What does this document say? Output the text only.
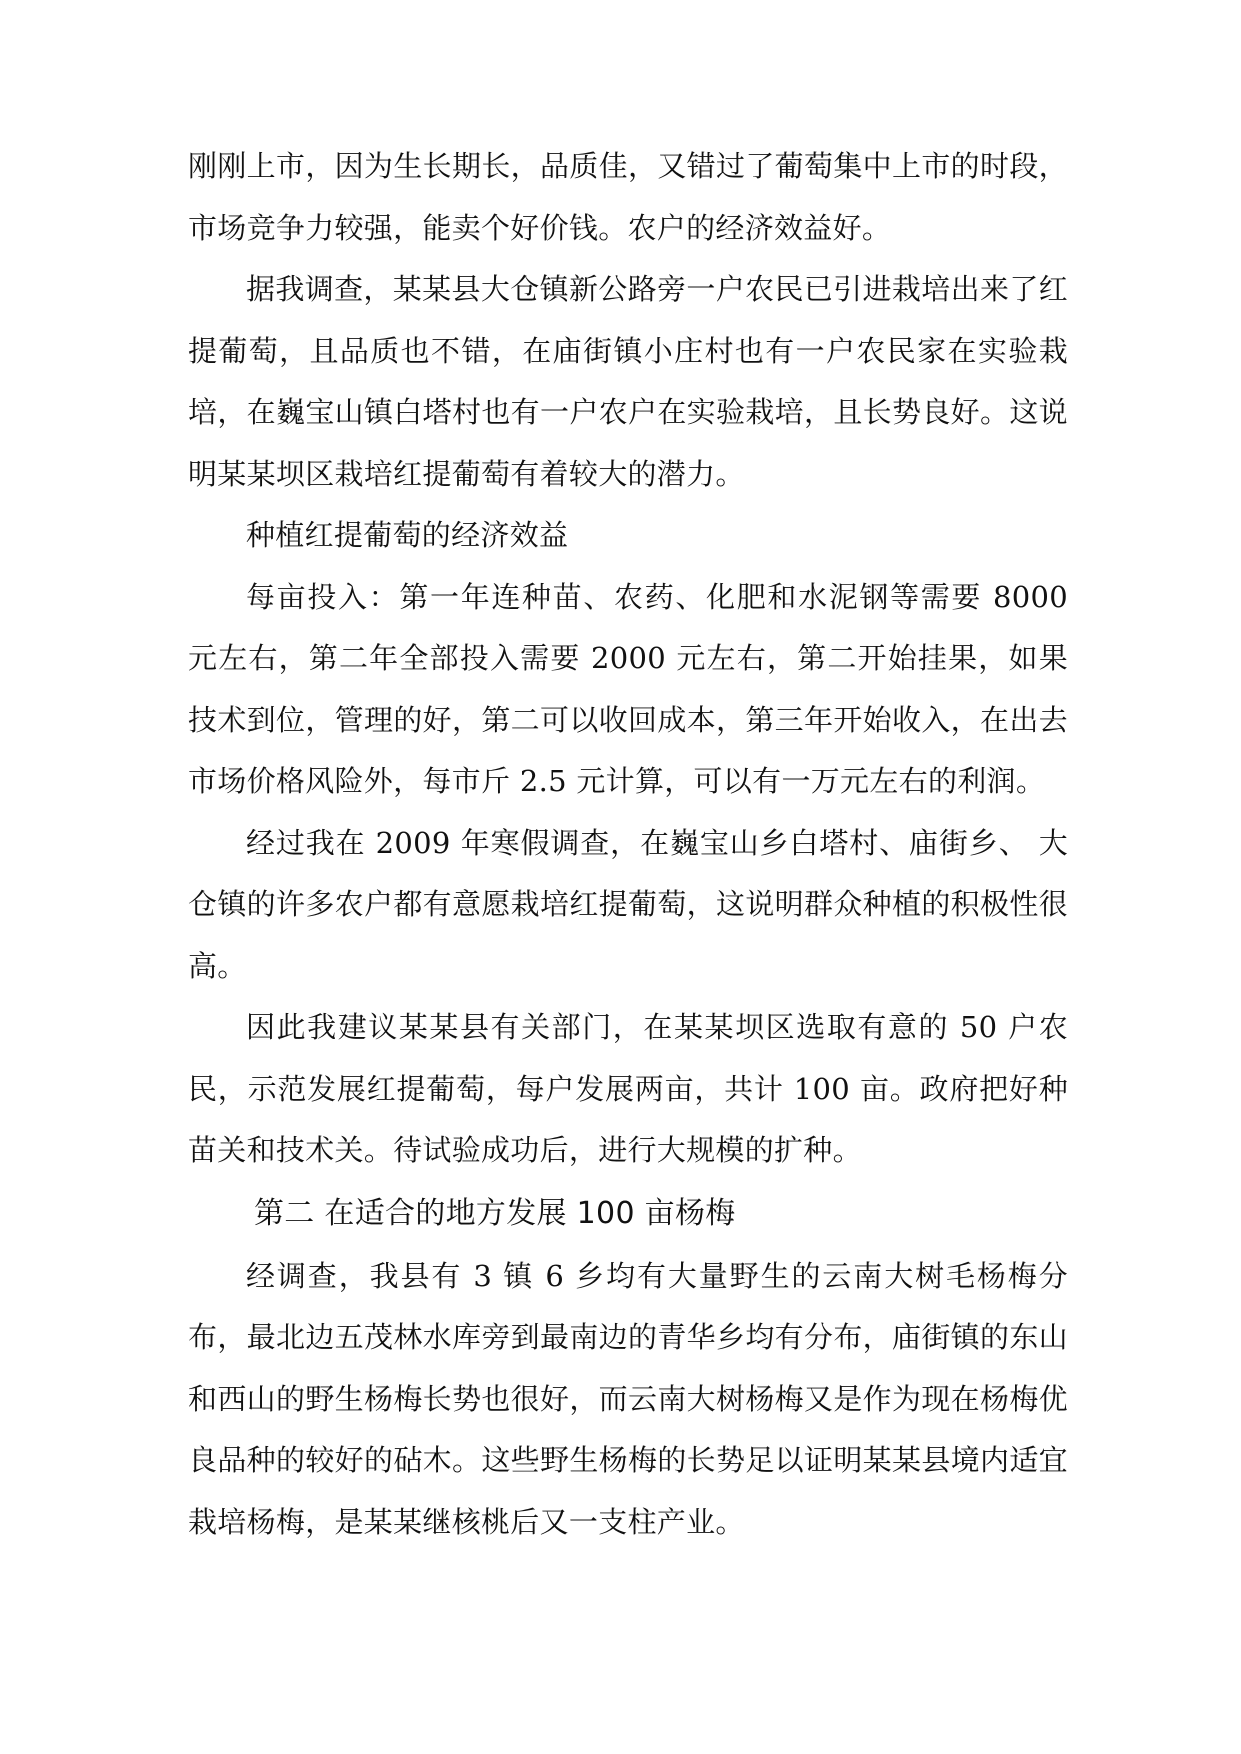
刚刚上市，因为生长期长，品质佳，又错过了葡萄集中上市的时段，市场竞争力较强，能卖个好价钱。农户的经济效益好。

据我调查，某某县大仓镇新公路旁一户农民已引进栽培出来了红提葡萄，且品质也不错，在庙街镇小庄村也有一户农民家在实验栽培，在巍宝山镇白塔村也有一户农户在实验栽培，且长势良好。这说明某某坝区栽培红提葡萄有着较大的潜力。

种植红提葡萄的经济效益

每亩投入：第一年连种苗、农药、化肥和水泥钢等需要 8000 元左右，第二年全部投入需要 2000 元左右，第二开始挂果，如果技术到位，管理的好，第二可以收回成本，第三年开始收入，在出去市场价格风险外，每市斤 2.5 元计算，可以有一万元左右的利润。

经过我在 2009 年寒假调查，在巍宝山乡白塔村、庙街乡、 大仓镇的许多农户都有意愿栽培红提葡萄，这说明群众种植的积极性很高。

因此我建议某某县有关部门，在某某坝区选取有意的 50 户农民，示范发展红提葡萄，每户发展两亩，共计 100 亩。政府把好种苗关和技术关。待试验成功后，进行大规模的扩种。

第二 在适合的地方发展 100 亩杨梅

经调查，我县有 3 镇 6 乡均有大量野生的云南大树毛杨梅分布，最北边五茂林水库旁到最南边的青华乡均有分布，庙街镇的东山和西山的野生杨梅长势也很好，而云南大树杨梅又是作为现在杨梅优良品种的较好的砧木。这些野生杨梅的长势足以证明某某县境内适宜栽培杨梅，是某某继核桃后又一支柱产业。
